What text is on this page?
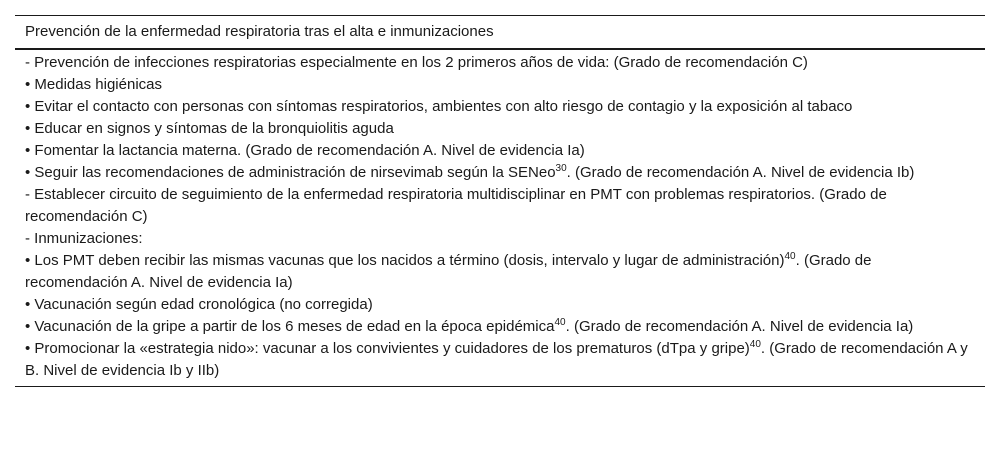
Prevención de la enfermedad respiratoria tras el alta e inmunizaciones
- Prevención de infecciones respiratorias especialmente en los 2 primeros años de vida: (Grado de recomendación C)
• Medidas higiénicas
• Evitar el contacto con personas con síntomas respiratorios, ambientes con alto riesgo de contagio y la exposición al tabaco
• Educar en signos y síntomas de la bronquiolitis aguda
• Fomentar la lactancia materna. (Grado de recomendación A. Nivel de evidencia Ia)
• Seguir las recomendaciones de administración de nirsevimab según la SENeo$^{30}$. (Grado de recomendación A. Nivel de evidencia Ib)
- Establecer circuito de seguimiento de la enfermedad respiratoria multidisciplinar en PMT con problemas respiratorios. (Grado de recomendación C)
- Inmunizaciones:
• Los PMT deben recibir las mismas vacunas que los nacidos a término (dosis, intervalo y lugar de administración)$^{40}$. (Grado de recomendación A. Nivel de evidencia Ia)
• Vacunación según edad cronológica (no corregida)
• Vacunación de la gripe a partir de los 6 meses de edad en la época epidémica$^{40}$. (Grado de recomendación A. Nivel de evidencia Ia)
• Promocionar la «estrategia nido»: vacunar a los convivientes y cuidadores de los prematuros (dTpa y gripe)$^{40}$. (Grado de recomendación A y B. Nivel de evidencia Ib y IIb)
